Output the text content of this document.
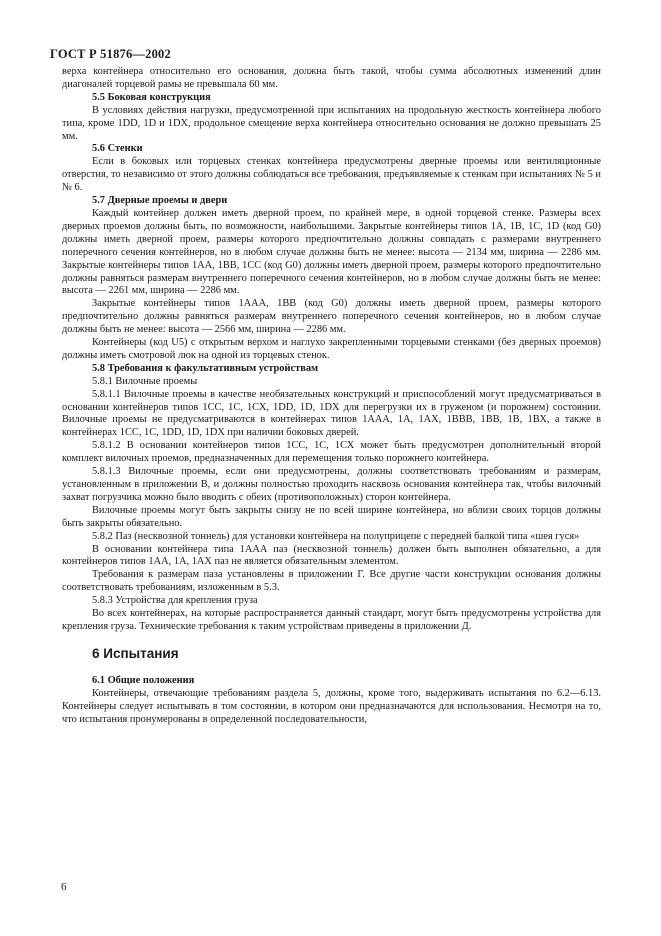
ГОСТ Р 51876—2002

верха контейнера относительно его основания, должна быть такой, чтобы сумма абсолютных изменений длин диагоналей торцевой рамы не превышала 60 мм.

5.5 Боковая конструкция

В условиях действия нагрузки, предусмотренной при испытаниях на продольную жесткость контейнера любого типа, кроме 1DD, 1D и 1DX, продольное смещение верха контейнера относительно основания не должно превышать 25 мм.

5.6 Стенки

Если в боковых или торцевых стенках контейнера предусмотрены дверные проемы или вентиляционные отверстия, то независимо от этого должны соблюдаться все требования, предъявляемые к стенкам при испытаниях № 5 и № 6.

5.7 Дверные проемы и двери

Каждый контейнер должен иметь дверной проем, по крайней мере, в одной торцевой стенке. Размеры всех дверных проемов должны быть, по возможности, наибольшими. Закрытые контейнеры типов 1А, 1В, 1С, 1D (код G0) должны иметь дверной проем, размеры которого предпочтительно должны совпадать с размерами внутреннего поперечного сечения контейнеров, но в любом случае должны быть не менее: высота — 2134 мм, ширина — 2286 мм. Закрытые контейнеры типов 1АА, 1ВВ, 1СС (код G0) должны иметь дверной проем, размеры которого предпочтительно должны равняться размерам внутреннего поперечного сечения контейнеров, но в любом случае должны быть не менее: высота — 2261 мм, ширина — 2286 мм.

Закрытые контейнеры типов 1ААА, 1ВВ (код G0) должны иметь дверной проем, размеры которого предпочтительно должны равняться размерам внутреннего поперечного сечения контейнеров, но в любом случае должны быть не менее: высота — 2566 мм, ширина — 2286 мм.

Контейнеры (код U5) с открытым верхом и наглухо закрепленными торцевыми стенками (без дверных проемов) должны иметь смотровой люк на одной из торцевых стенок.

5.8 Требования к факультативным устройствам

5.8.1 Вилочные проемы

5.8.1.1 Вилочные проемы в качестве необязательных конструкций и приспособлений могут предусматриваться в основании контейнеров типов 1СС, 1С, 1СХ, 1DD, 1D, 1DX для перегрузки их в груженом (и порожнем) состоянии. Вилочные проемы не предусматриваются в контейнерах типов 1ААА, 1А, 1АХ, 1ВВВ, 1ВВ, 1В, 1ВХ, а также в контейнерах 1СС, 1С, 1DD, 1D, 1DX при наличии боковых дверей.

5.8.1.2 В основании контейнеров типов 1СС, 1С, 1СХ может быть предусмотрен дополнительный второй комплект вилочных проемов, предназначенных для перемещения только порожнего контейнера.

5.8.1.3 Вилочные проемы, если они предусмотрены, должны соответствовать требованиям и размерам, установленным в приложении В, и должны полностью проходить насквозь основания контейнера так, чтобы вилочный захват погрузчика можно было вводить с обеих (противоположных) сторон контейнера.

Вилочные проемы могут быть закрыты снизу не по всей ширине контейнера, но вблизи своих торцов должны быть закрыты обязательно.

5.8.2 Паз (несквозной тоннель) для установки контейнера на полуприцепе с передней балкой типа «шея гуся»

В основании контейнера типа 1ААА паз (несквозной тоннель) должен быть выполнен обязательно, а для контейнеров типов 1АА, 1А, 1АХ паз не является обязательным элементом.

Требования к размерам паза установлены в приложении Г. Все другие части конструкции основания должны соответствовать требованиям, изложенным в 5.3.

5.8.3 Устройства для крепления груза

Во всех контейнерах, на которые распространяется данный стандарт, могут быть предусмотрены устройства для крепления груза. Технические требования к таким устройствам приведены в приложении Д.

6 Испытания

6.1 Общие положения

Контейнеры, отвечающие требованиям раздела 5, должны, кроме того, выдерживать испытания по 6.2—6.13. Контейнеры следует испытывать в том состоянии, в котором они предназначаются для использования. Несмотря на то, что испытания пронумерованы в определенной последовательности,

6
